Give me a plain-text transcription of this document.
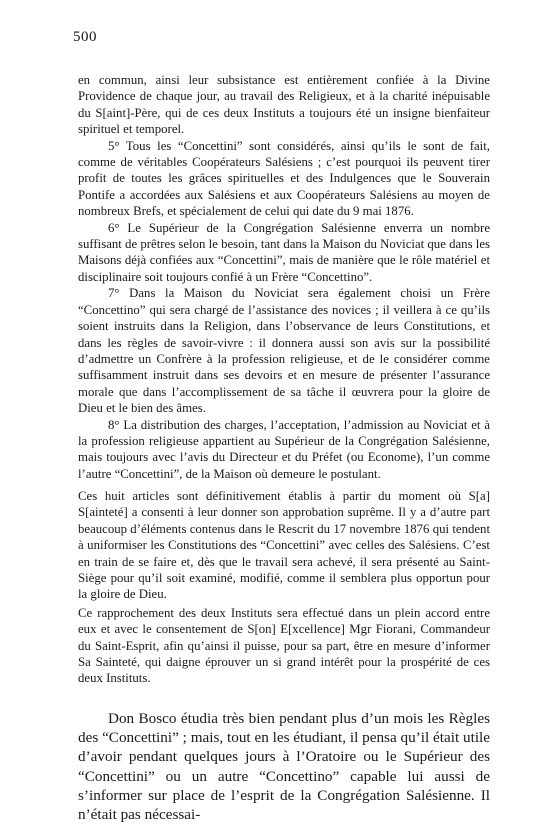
500

en commun, ainsi leur subsistance est entièrement confiée à la Divine Providence de chaque jour, au travail des Religieux, et à la charité inépuisable du S[aint]-Père, qui de ces deux Instituts a toujours été un insigne bienfaiteur spirituel et temporel.

5° Tous les “Concettini” sont considérés, ainsi qu’ils le sont de fait, comme de véritables Coopérateurs Salésiens ; c’est pourquoi ils peuvent tirer profit de toutes les grâces spirituelles et des Indulgences que le Souverain Pontife a accordées aux Salésiens et aux Coopérateurs Salésiens au moyen de nombreux Brefs, et spécialement de celui qui date du 9 mai 1876.

6° Le Supérieur de la Congrégation Salésienne enverra un nombre suffisant de prêtres selon le besoin, tant dans la Maison du Noviciat que dans les Maisons déjà confiées aux “Concettini”, mais de manière que le rôle matériel et disciplinaire soit toujours confié à un Frère “Concettino”.

7° Dans la Maison du Noviciat sera également choisi un Frère “Concettino” qui sera chargé de l’assistance des novices ; il veillera à ce qu’ils soient instruits dans la Religion, dans l’observance de leurs Constitutions, et dans les règles de savoir-vivre : il donnera aussi son avis sur la possibilité d’admettre un Confrère à la profession religieuse, et de le considérer comme suffisamment instruit dans ses devoirs et en mesure de présenter l’assurance morale que dans l’accomplissement de sa tâche il œuvrera pour la gloire de Dieu et le bien des âmes.

8° La distribution des charges, l’acceptation, l’admission au Noviciat et à la profession religieuse appartient au Supérieur de la Congrégation Salésienne, mais toujours avec l’avis du Directeur et du Préfet (ou Econome), l’un comme l’autre “Concettini”, de la Maison où demeure le postulant.

Ces huit articles sont définitivement établis à partir du moment où S[a] S[ainteté] a consenti à leur donner son approbation suprême. Il y a d’autre part beaucoup d’éléments contenus dans le Rescrit du 17 novembre 1876 qui tendent à uniformiser les Constitutions des “Concettini” avec celles des Salésiens. C’est en train de se faire et, dès que le travail sera achevé, il sera présenté au Saint-Siège pour qu’il soit examiné, modifié, comme il semblera plus opportun pour la gloire de Dieu.

Ce rapprochement des deux Instituts sera effectué dans un plein accord entre eux et avec le consentement de S[on] E[xcellence] Mgr Fiorani, Commandeur du Saint-Esprit, afin qu’ainsi il puisse, pour sa part, être en mesure d’informer Sa Sainteté, qui daigne éprouver un si grand intérêt pour la prospérité de ces deux Instituts.

Don Bosco étudia très bien pendant plus d’un mois les Règles des “Concettini” ; mais, tout en les étudiant, il pensa qu’il était utile d’avoir pendant quelques jours à l’Oratoire ou le Supérieur des “Concettini” ou un autre “Concettino” capable lui aussi de s’informer sur place de l’esprit de la Congrégation Salésienne. Il n’était pas nécessai-
